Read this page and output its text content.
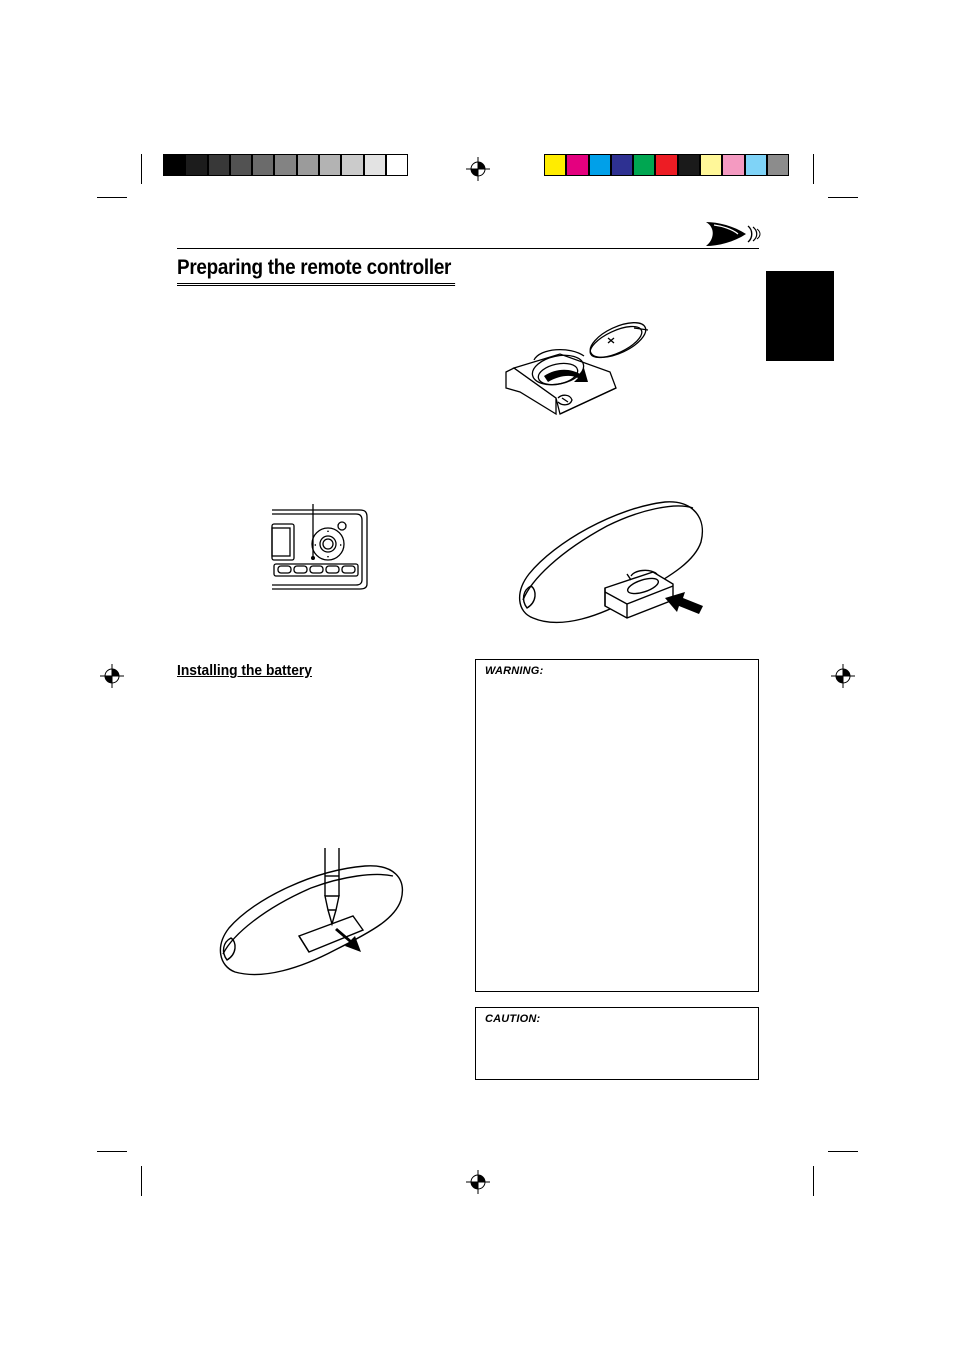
Preparing the remote controller
Installing the battery	WARNING:
CAUTION:
